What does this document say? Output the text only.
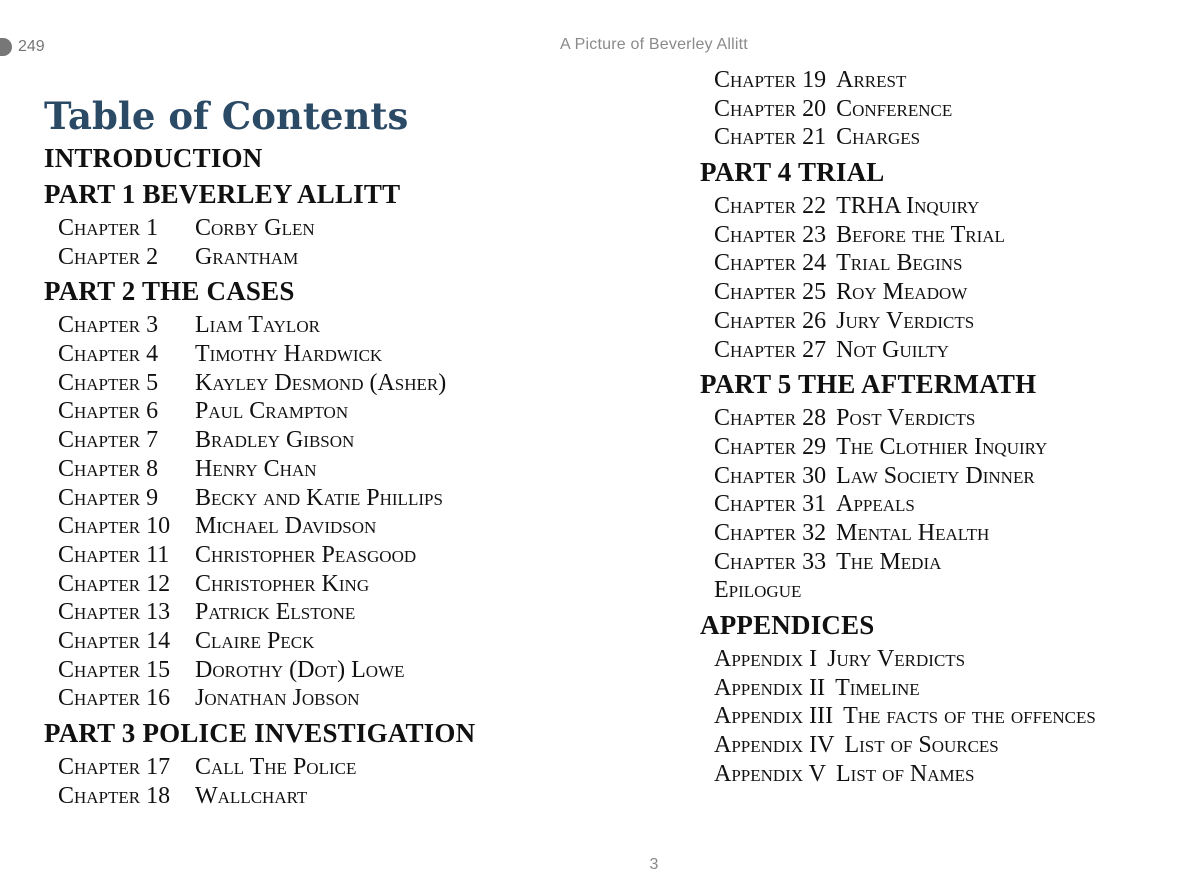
249	A Picture of Beverley Allitt
Table of Contents
INTRODUCTION
PART 1 BEVERLEY ALLITT
Chapter 1 Corby Glen
Chapter 2 Grantham
PART 2 THE CASES
Chapter 3 Liam Taylor
Chapter 4 Timothy Hardwick
Chapter 5 Kayley Desmond (Asher)
Chapter 6 Paul Crampton
Chapter 7 Bradley Gibson
Chapter 8 Henry Chan
Chapter 9 Becky and Katie Phillips
Chapter 10 Michael Davidson
Chapter 11 Christopher Peasgood
Chapter 12 Christopher King
Chapter 13 Patrick Elstone
Chapter 14 Claire Peck
Chapter 15 Dorothy (Dot) Lowe
Chapter 16 Jonathan Jobson
PART 3 POLICE INVESTIGATION
Chapter 17 Call The Police
Chapter 18 Wallchart
Chapter 19 Arrest
Chapter 20 Conference
Chapter 21 Charges
PART 4 TRIAL
Chapter 22 TRHA Inquiry
Chapter 23 Before the Trial
Chapter 24 Trial Begins
Chapter 25 Roy Meadow
Chapter 26 Jury Verdicts
Chapter 27 Not Guilty
PART 5 THE AFTERMATH
Chapter 28 Post Verdicts
Chapter 29 The Clothier Inquiry
Chapter 30 Law Society Dinner
Chapter 31 Appeals
Chapter 32 Mental Health
Chapter 33 The Media
Epilogue
APPENDICES
Appendix I Jury Verdicts
Appendix II Timeline
Appendix III The facts of the offences
Appendix IV List of Sources
Appendix V List of Names
3
